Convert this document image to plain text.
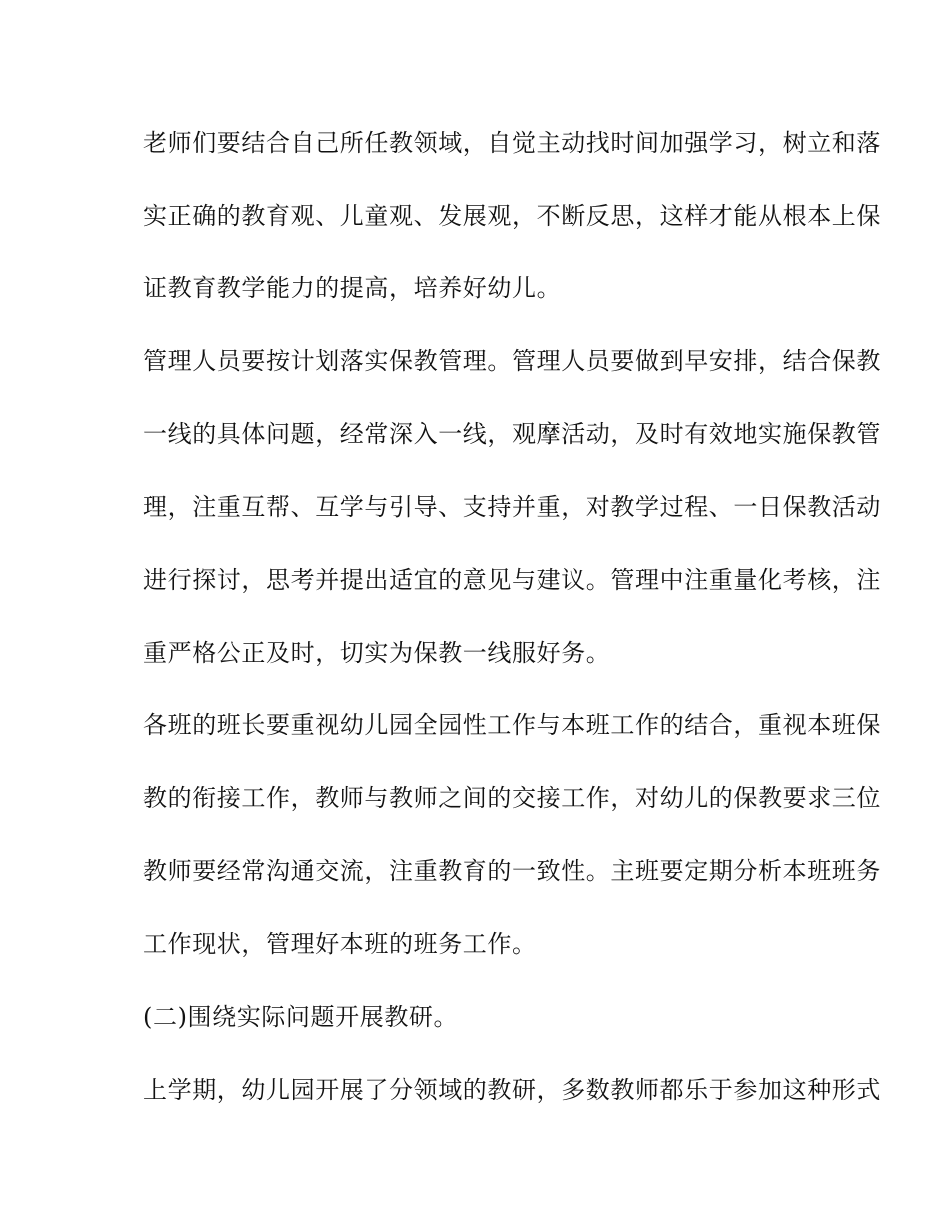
老师们要结合自己所任教领域，自觉主动找时间加强学习，树立和落
实正确的教育观、儿童观、发展观，不断反思，这样才能从根本上保
证教育教学能力的提高，培养好幼儿。
管理人员要按计划落实保教管理。管理人员要做到早安排，结合保教
一线的具体问题，经常深入一线，观摩活动，及时有效地实施保教管
理，注重互帮、互学与引导、支持并重，对教学过程、一日保教活动
进行探讨，思考并提出适宜的意见与建议。管理中注重量化考核，注
重严格公正及时，切实为保教一线服好务。
各班的班长要重视幼儿园全园性工作与本班工作的结合，重视本班保
教的衔接工作，教师与教师之间的交接工作，对幼儿的保教要求三位
教师要经常沟通交流，注重教育的一致性。主班要定期分析本班班务
工作现状，管理好本班的班务工作。
(二)围绕实际问题开展教研。
上学期，幼儿园开展了分领域的教研，多数教师都乐于参加这种形式
